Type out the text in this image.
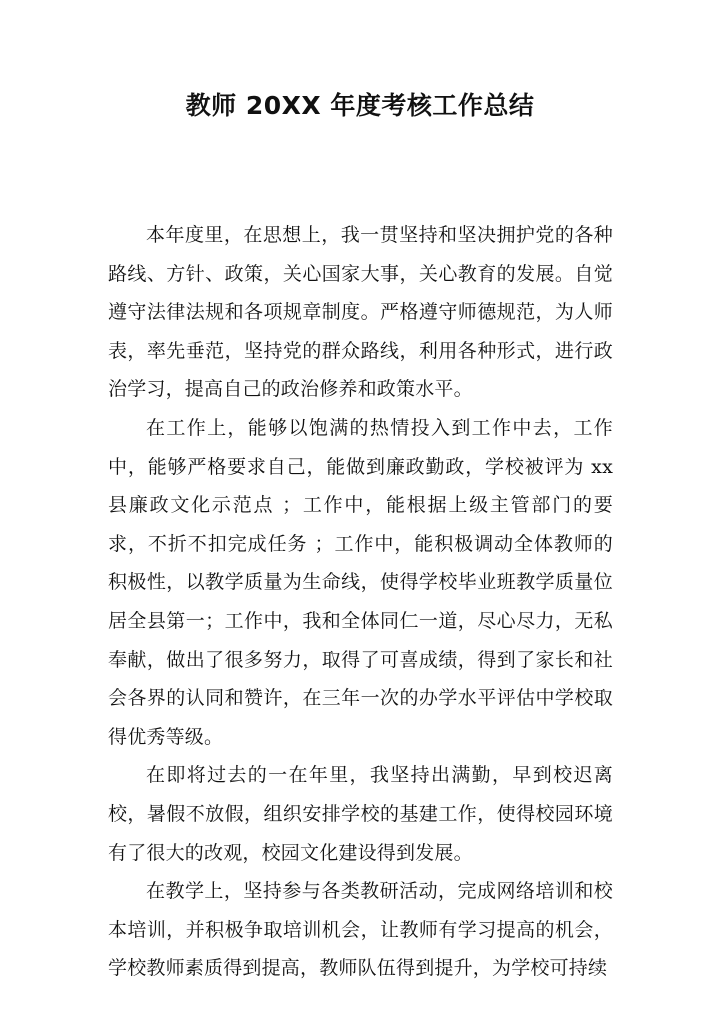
教师 20XX 年度考核工作总结

本年度里，在思想上，我一贯坚持和坚决拥护党的各种路线、方针、政策，关心国家大事，关心教育的发展。自觉遵守法律法规和各项规章制度。严格遵守师德规范，为人师表，率先垂范，坚持党的群众路线，利用各种形式，进行政治学习，提高自己的政治修养和政策水平。

在工作上，能够以饱满的热情投入到工作中去，工作中，能够严格要求自己，能做到廉政勤政，学校被评为 xx 县廉政文化示范点 ；工作中，能根据上级主管部门的要求，不折不扣完成任务 ；工作中，能积极调动全体教师的积极性，以教学质量为生命线，使得学校毕业班教学质量位居全县第一；工作中，我和全体同仁一道，尽心尽力，无私奉献，做出了很多努力，取得了可喜成绩，得到了家长和社会各界的认同和赞许，在三年一次的办学水平评估中学校取得优秀等级。

在即将过去的一在年里，我坚持出满勤，早到校迟离校，暑假不放假，组织安排学校的基建工作，使得校园环境有了很大的改观，校园文化建设得到发展。

在教学上，坚持参与各类教研活动，完成网络培训和校本培训，并积极争取培训机会，让教师有学习提高的机会，学校教师素质得到提高，教师队伍得到提升，为学校可持续
